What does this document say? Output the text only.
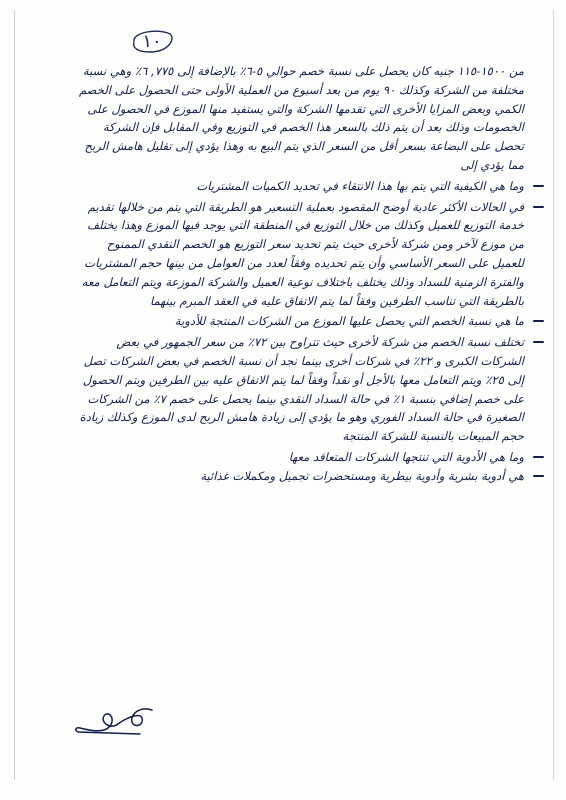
١٠

من ١٥٠٠-١١٥ جنيه كان يحصل على نسبة خصم حوالي ٥-٦٪ بالإضافة إلى ٧٧٥, ٦٪ وهي نسبة مختلفة من الشركة وكذلك ٩٠ يوم من بعد أسبوع من العملية الأولى حتى الحصول على الخصم الكمي وبعض المزايا الأخرى التي تقدمها الشركة والتي يستفيد منها الموزع في الحصول على الخصومات وذلك بعد أن يتم ذلك بالسعر هذا الخصم في التوزيع وفي المقابل فإن الشركة تحصل على البضاعة بسعر أقل من السعر الذي يتم البيع به وهذا يؤدي إلى تقليل هامش الربح مما يؤدي إلى

وما هي الكيفية التي يتم بها هذا الانتقاء في تحديد الكميات المشتريات

في الحالات الأكثر عادية أوضح المقصود بعملية التسعير هو الطريقة التي يتم من خلالها تقديم خدمة التوزيع للعميل وكذلك من خلال التوزيع في المنطقة التي يوجد فيها الموزع وهذا يختلف من موزع لآخر ومن شركة لأخرى حيث يتم تحديد سعر التوزيع هو الخصم النقدي الممنوح للعميل على السعر الأساسي وأن يتم تحديده وفقاً لعدد من العوامل من بينها حجم المشتريات والفترة الزمنية للسداد وذلك يختلف باختلاف نوعية العميل والشركة الموزعة ويتم التعامل معه بالطريقة التي تناسب الطرفين وفقاً لما يتم الاتفاق عليه في العقد المبرم بينهما

ما هي نسبة الخصم التي يحصل عليها الموزع من الشركات المنتجة للأدوية

تختلف نسبة الخصم من شركة لأخرى حيث تتراوح بين ٧٢٪ من سعر الجمهور في بعض الشركات الكبرى و ٢٢٪ في شركات أخرى بينما نجد أن نسبة الخصم في بعض الشركات تصل إلى ٢٥٪ ويتم التعامل معها بالأجل أو نقداً وفقاً لما يتم الاتفاق عليه بين الطرفين ويتم الحصول على خصم إضافي بنسبة ١٪ في حالة السداد النقدي بينما يحصل على خصم ٧٪ من الشركات الصغيرة في حالة السداد الفوري وهو ما يؤدي إلى زيادة هامش الربح لدى الموزع وكذلك زيادة حجم المبيعات بالنسبة للشركة المنتجة

وما هي الأدوية التي تنتجها الشركات المتعاقد معها

هي أدوية بشرية وأدوية بيطرية ومستحضرات تجميل ومكملات غذائية
